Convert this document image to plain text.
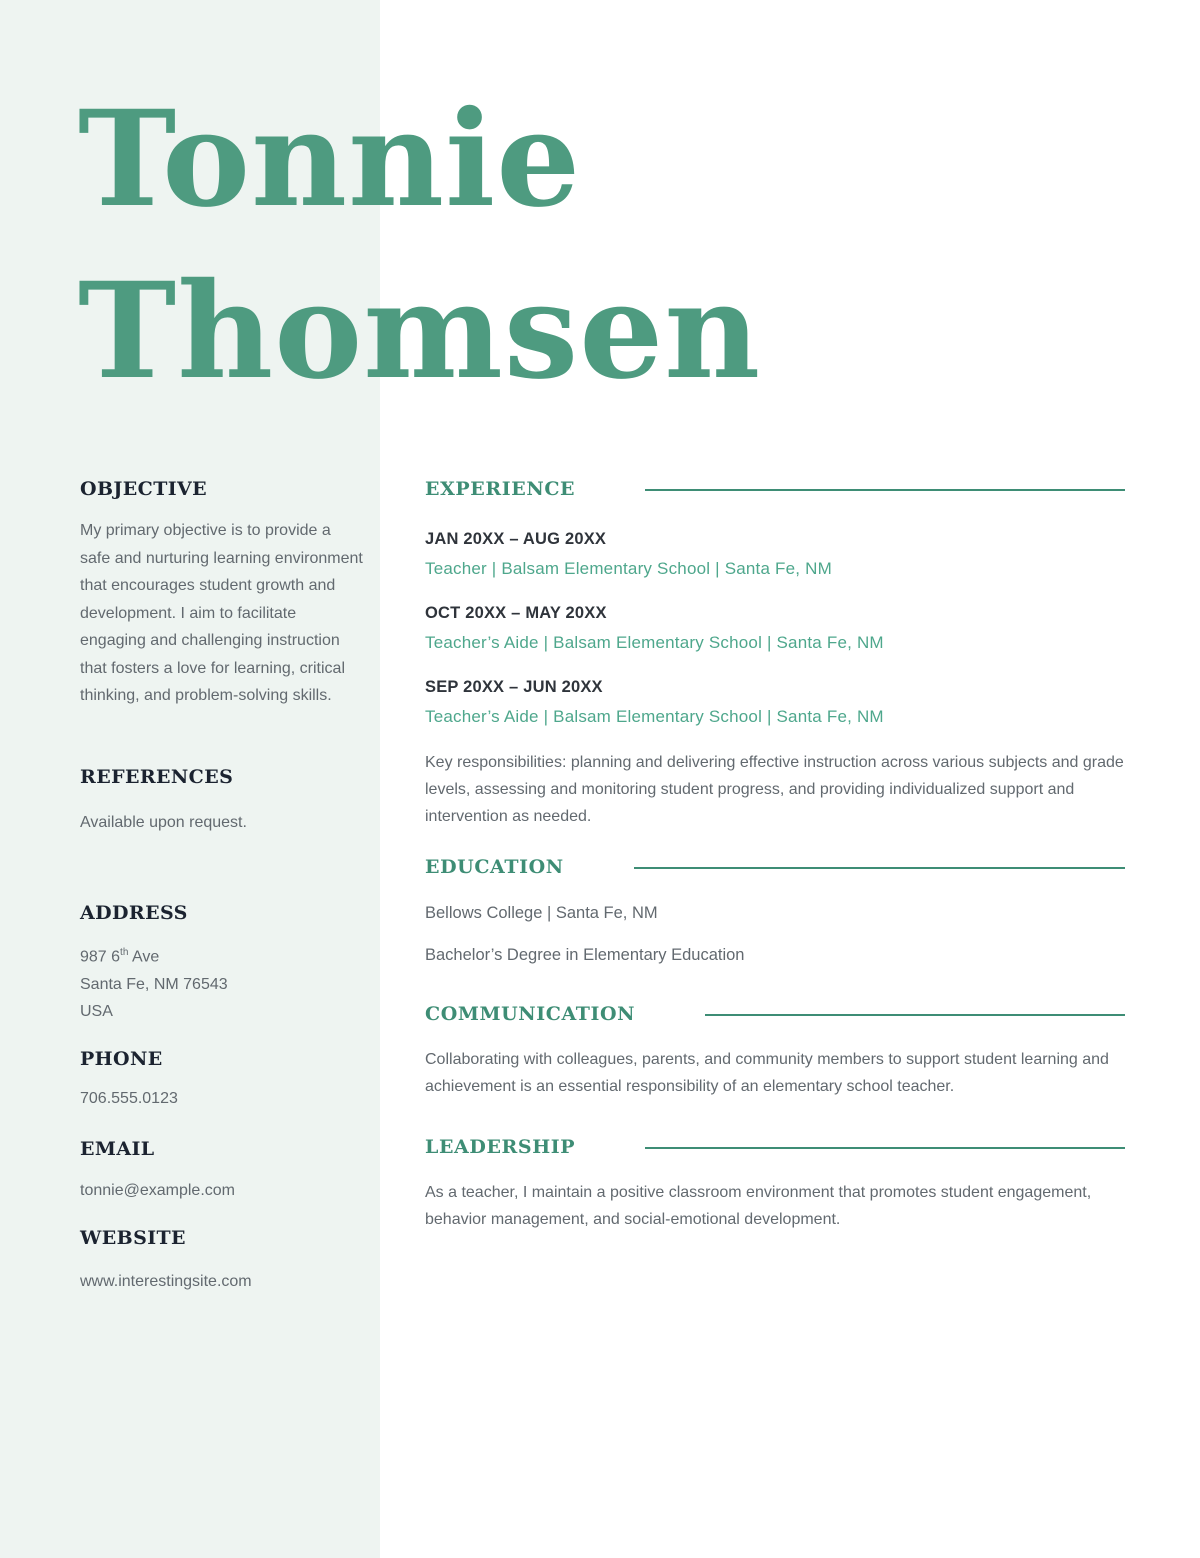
Tonnie
Thomsen
OBJECTIVE

My primary objective is to provide a safe and nurturing learning environment that encourages student growth and development. I aim to facilitate engaging and challenging instruction that fosters a love for learning, critical thinking, and problem-solving skills.

REFERENCES

Available upon request.

ADDRESS

987 6th Ave
Santa Fe, NM 76543
USA

PHONE

706.555.0123

EMAIL

tonnie@example.com

WEBSITE

www.interestingsite.com

EXPERIENCE
JAN 20XX – AUG 20XX
Teacher | Balsam Elementary School | Santa Fe, NM
OCT 20XX – MAY 20XX
Teacher’s Aide | Balsam Elementary School | Santa Fe, NM
SEP 20XX – JUN 20XX
Teacher’s Aide | Balsam Elementary School | Santa Fe, NM

Key responsibilities: planning and delivering effective instruction across various subjects and grade levels, assessing and monitoring student progress, and providing individualized support and intervention as needed.

EDUCATION

Bellows College | Santa Fe, NM

Bachelor’s Degree in Elementary Education

COMMUNICATION

Collaborating with colleagues, parents, and community members to support student learning and achievement is an essential responsibility of an elementary school teacher.

LEADERSHIP

As a teacher, I maintain a positive classroom environment that promotes student engagement, behavior management, and social-emotional development.
